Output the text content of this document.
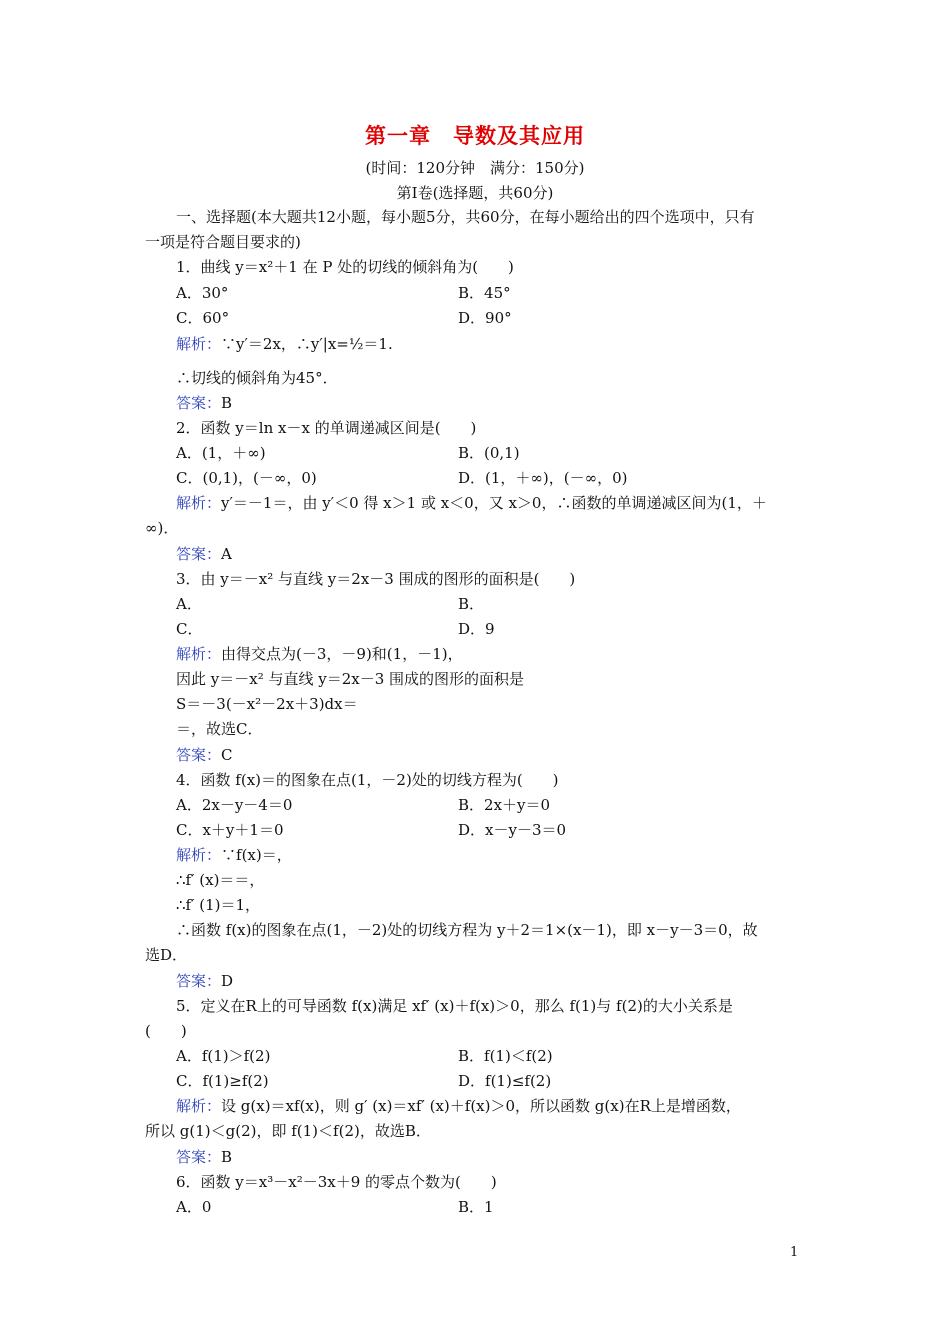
第一章　导数及其应用
(时间：120分钟　满分：150分)
第Ⅰ卷(选择题，共60分)
一、选择题(本大题共12小题，每小题5分，共60分，在每小题给出的四个选项中，只有
一项是符合题目要求的)
1．曲线 y＝x²＋1 在 P 处的切线的倾斜角为(　　)
A．30°	B．45°
C．60°	D．90°
解析：∵y′＝2x，∴y′|x=½＝1.
∴切线的倾斜角为45°．
答案：B
2．函数 y＝ln x－x 的单调递减区间是(　　)
A．(1，＋∞)	B．(0,1)
C．(0,1)，(－∞，0)	D．(1，＋∞)，(－∞，0)
解析：y′＝－1＝，由 y′＜0 得 x＞1 或 x＜0，又 x＞0，∴函数的单调递减区间为(1，＋
∞)．
答案：A
3．由 y＝－x² 与直线 y＝2x－3 围成的图形的面积是(　　)
A．	B．
C．	D．9
解析：由得交点为(－3，－9)和(1，－1)，
因此 y＝－x² 与直线 y＝2x－3 围成的图形的面积是
S＝－3(－x²－2x＋3)dx＝
＝，故选C．
答案：C
4．函数 f(x)＝的图象在点(1，－2)处的切线方程为(　　)
A．2x－y－4＝0	B．2x＋y＝0
C．x＋y＋1＝0	D．x－y－3＝0
解析：∵f(x)＝，
∴f′ (x)＝＝，
∴f′ (1)＝1，
∴函数 f(x)的图象在点(1，－2)处的切线方程为 y＋2＝1×(x－1)，即 x－y－3＝0，故
选D．
答案：D
5．定义在R上的可导函数 f(x)满足 xf′ (x)＋f(x)＞0，那么 f(1)与 f(2)的大小关系是
(　　)
A．f(1)＞f(2)	B．f(1)＜f(2)
C．f(1)≥f(2)	D．f(1)≤f(2)
解析：设 g(x)＝xf(x)，则 g′ (x)＝xf′ (x)＋f(x)＞0，所以函数 g(x)在R上是增函数，
所以 g(1)＜g(2)，即 f(1)＜f(2)，故选B．
答案：B
6．函数 y＝x³－x²－3x＋9 的零点个数为(　　)
A．0	B．1
1
